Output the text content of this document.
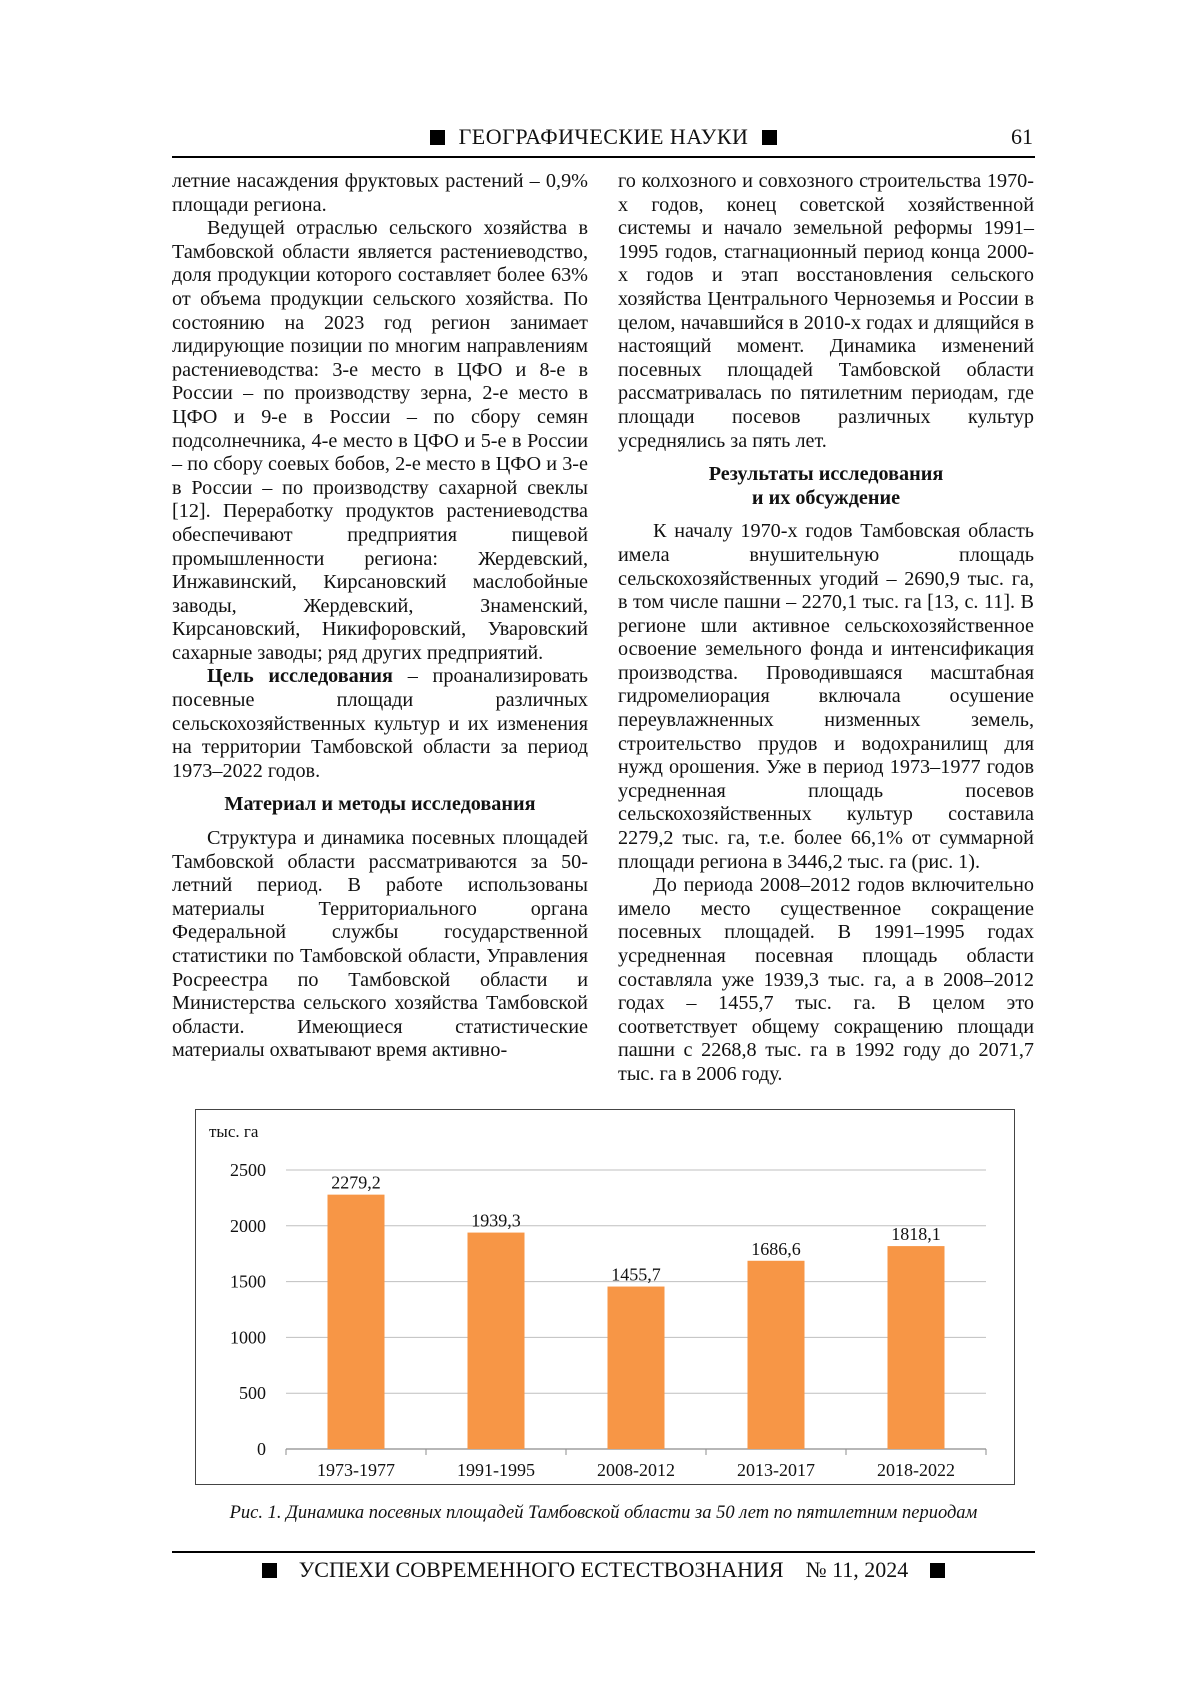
ГЕОГРАФИЧЕСКИЕ НАУКИ	61

летние насаждения фруктовых растений – 0,9% площади региона.

Ведущей отраслью сельского хозяйства в Тамбовской области является растениеводство, доля продукции которого составляет более 63% от объема продукции сельского хозяйства. По состоянию на 2023 год регион занимает лидирующие позиции по многим направлениям растениеводства: 3-е место в ЦФО и 8-е в России – по производству зерна, 2-е место в ЦФО и 9-е в России – по сбору семян подсолнечника, 4-е место в ЦФО и 5-е в России – по сбору соевых бобов, 2-е место в ЦФО и 3-е в России – по производству сахарной свеклы [12]. Переработку продуктов растениеводства обеспечивают предприятия пищевой промышленности региона: Жердевский, Инжавинский, Кирсановский маслобойные заводы, Жердевский, Знаменский, Кирсановский, Никифоровский, Уваровский сахарные заводы; ряд других предприятий.

Цель исследования – проанализировать посевные площади различных сельскохозяйственных культур и их изменения на территории Тамбовской области за период 1973–2022 годов.

Материал и методы исследования

Структура и динамика посевных площадей Тамбовской области рассматриваются за 50-летний период. В работе использованы материалы Территориального органа Федеральной службы государственной статистики по Тамбовской области, Управления Росреестра по Тамбовской области и Министерства сельского хозяйства Тамбовской области. Имеющиеся статистические материалы охватывают время активно-

го колхозного и совхозного строительства 1970-х годов, конец советской хозяйственной системы и начало земельной реформы 1991–1995 годов, стагнационный период конца 2000-х годов и этап восстановления сельского хозяйства Центрального Черноземья и России в целом, начавшийся в 2010-х годах и длящийся в настоящий момент. Динамика изменений посевных площадей Тамбовской области рассматривалась по пятилетним периодам, где площади посевов различных культур усреднялись за пять лет.

Результаты исследования
и их обсуждение

К началу 1970-х годов Тамбовская область имела внушительную площадь сельскохозяйственных угодий – 2690,9 тыс. га, в том числе пашни – 2270,1 тыс. га [13, с. 11]. В регионе шли активное сельскохозяйственное освоение земельного фонда и интенсификация производства. Проводившаяся масштабная гидромелиорация включала осушение переувлажненных низменных земель, строительство прудов и водохранилищ для нужд орошения. Уже в период 1973–1977 годов усредненная площадь посевов сельскохозяйственных культур составила 2279,2 тыс. га, т.е. более 66,1% от суммарной площади региона в 3446,2 тыс. га (рис. 1).

До периода 2008–2012 годов включительно имело место существенное сокращение посевных площадей. В 1991–1995 годах усредненная посевная площадь области составляла уже 1939,3 тыс. га, а в 2008–2012 годах – 1455,7 тыс. га. В целом это соответствует общему сокращению площади пашни с 2268,8 тыс. га в 1992 году до 2071,7 тыс. га в 2006 году.

тыс. га
0
500
1000
1500
2000
2500
2279,2
1973-1977
1939,3
1991-1995
1455,7
2008-2012
1686,6
2013-2017
1818,1
2018-2022
Рис. 1. Динамика посевных площадей Тамбовской области за 50 лет по пятилетним периодам
УСПЕХИ СОВРЕМЕННОГО ЕСТЕСТВОЗНАНИЯ № 11, 2024
